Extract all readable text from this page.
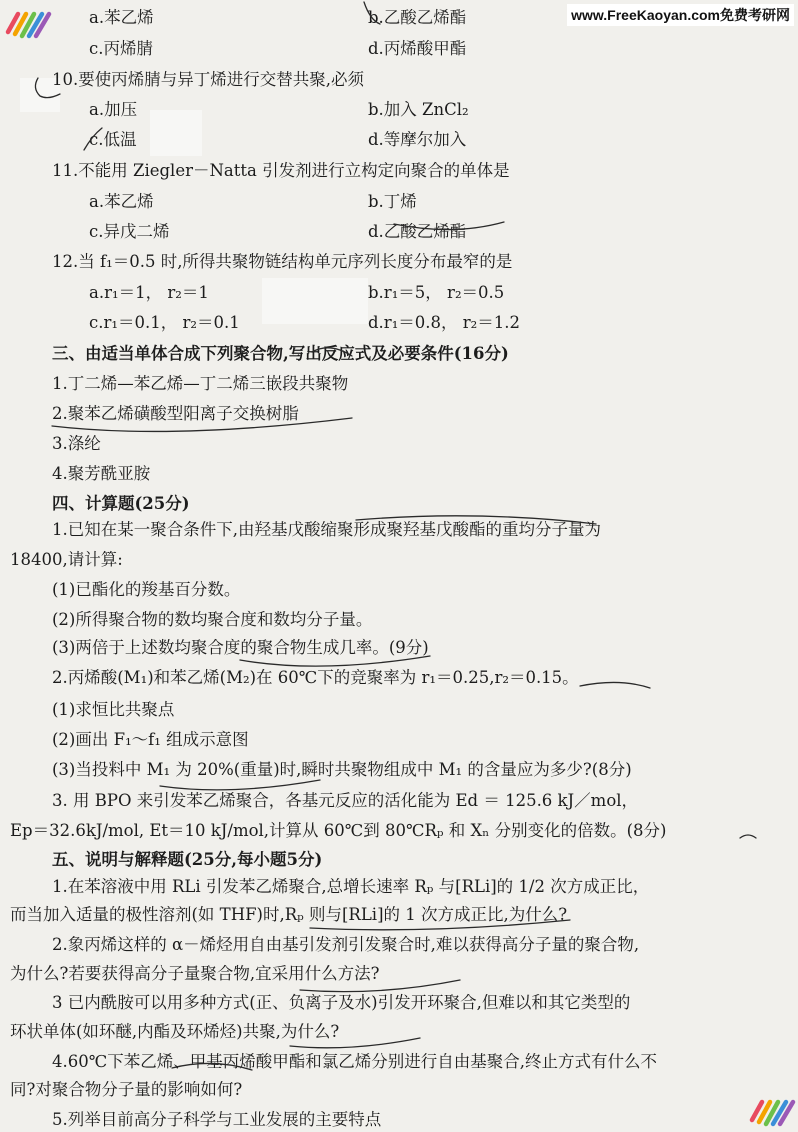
www.FreeKaoyan.com免费考研网
a.苯乙烯	b.乙酸乙烯酯
c.丙烯腈	d.丙烯酸甲酯
10.要使丙烯腈与异丁烯进行交替共聚,必须
a.加压	b.加入 ZnCl₂
c.低温	d.等摩尔加入
11.不能用 Ziegler－Natta 引发剂进行立构定向聚合的单体是
a.苯乙烯	b.丁烯
c.异戊二烯	d.乙酸乙烯酯
12.当 f₁＝0.5 时,所得共聚物链结构单元序列长度分布最窄的是
a.r₁＝1， r₂＝1	b.r₁＝5， r₂＝0.5
c.r₁＝0.1， r₂＝0.1	d.r₁＝0.8， r₂＝1.2
三、由适当单体合成下列聚合物,写出反应式及必要条件(16分)
1.丁二烯—苯乙烯—丁二烯三嵌段共聚物
2.聚苯乙烯磺酸型阳离子交换树脂
3.涤纶
4.聚芳酰亚胺
四、计算题(25分)
1.已知在某一聚合条件下,由羟基戊酸缩聚形成聚羟基戊酸酯的重均分子量为
18400,请计算:
(1)已酯化的羧基百分数。
(2)所得聚合物的数均聚合度和数均分子量。
(3)两倍于上述数均聚合度的聚合物生成几率。(9分)
2.丙烯酸(M₁)和苯乙烯(M₂)在 60℃下的竞聚率为 r₁＝0.25,r₂＝0.15。
(1)求恒比共聚点
(2)画出 F₁～f₁ 组成示意图
(3)当投料中 M₁ 为 20%(重量)时,瞬时共聚物组成中 M₁ 的含量应为多少?(8分)
3. 用 BPO 来引发苯乙烯聚合，各基元反应的活化能为 Ed ＝ 125.6 kJ／mol，
Ep＝32.6kJ/mol, Et＝10 kJ/mol,计算从 60℃到 80℃Rₚ 和 Xₙ 分别变化的倍数。(8分)
五、说明与解释题(25分,每小题5分)
1.在苯溶液中用 RLi 引发苯乙烯聚合,总增长速率 Rₚ 与[RLi]的 1/2 次方成正比，
而当加入适量的极性溶剂(如 THF)时,Rₚ 则与[RLi]的 1 次方成正比,为什么?
2.象丙烯这样的 α－烯烃用自由基引发剂引发聚合时,难以获得高分子量的聚合物,
为什么?若要获得高分子量聚合物,宜采用什么方法?
3 已内酰胺可以用多种方式(正、负离子及水)引发开环聚合,但难以和其它类型的
环状单体(如环醚,内酯及环烯烃)共聚,为什么?
4.60℃下苯乙烯、甲基丙烯酸甲酯和氯乙烯分别进行自由基聚合,终止方式有什么不
同?对聚合物分子量的影响如何?
5.列举目前高分子科学与工业发展的主要特点
